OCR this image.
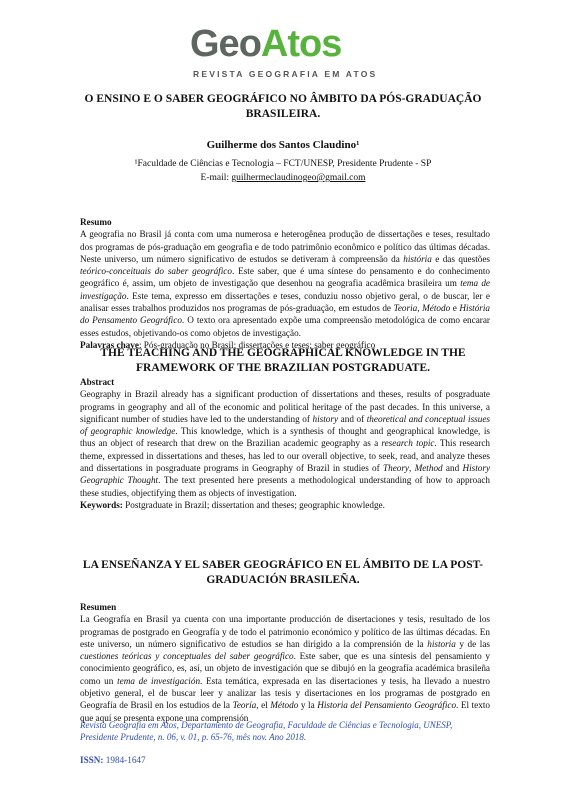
GeoAtos
REVISTA GEOGRAFIA EM ATOS
O ENSINO E O SABER GEOGRÁFICO NO ÂMBITO DA PÓS-GRADUAÇÃO BRASILEIRA.
Guilherme dos Santos Claudino¹
¹Faculdade de Ciências e Tecnologia – FCT/UNESP, Presidente Prudente - SP
E-mail: guilhermeclaudinogeo@gmail.com
Resumo
A geografia no Brasil já conta com uma numerosa e heterogênea produção de dissertações e teses, resultado dos programas de pós-graduação em geografia e de todo patrimônio econômico e político das últimas décadas. Neste universo, um número significativo de estudos se detiveram à compreensão da história e das questões teórico-conceituais do saber geográfico. Este saber, que é uma síntese do pensamento e do conhecimento geográfico é, assim, um objeto de investigação que desenhou na geografia acadêmica brasileira um tema de investigação. Este tema, expresso em dissertações e teses, conduziu nosso objetivo geral, o de buscar, ler e analisar esses trabalhos produzidos nos programas de pós-graduação, em estudos de Teoria, Método e História do Pensamento Geográfico. O texto ora apresentado expõe uma compreensão metodológica de como encarar esses estudos, objetivando-os como objetos de investigação.
Palavras chave: Pós-graduação no Brasil; dissertações e teses; saber geográfico
THE TEACHING AND THE GEOGRAPHICAL KNOWLEDGE IN THE FRAMEWORK OF THE BRAZILIAN POSTGRADUATE.
Abstract
Geography in Brazil already has a significant production of dissertations and theses, results of posgraduate programs in geography and all of the economic and political heritage of the past decades. In this universe, a significant number of studies have led to the understanding of history and of theoretical and conceptual issues of geographic knowledge. This knowledge, which is a synthesis of thought and geographical knowledge, is thus an object of research that drew on the Brazilian academic geography as a research topic. This research theme, expressed in dissertations and theses, has led to our overall objective, to seek, read, and analyze theses and dissertations in posgraduate programs in Geography of Brazil in studies of Theory, Method and History Geographic Thought. The text presented here presents a methodological understanding of how to approach these studies, objectifying them as objects of investigation.
Keywords: Postgraduate in Brazil; dissertation and theses; geographic knowledge.
LA ENSEÑANZA Y EL SABER GEOGRÁFICO EN EL ÁMBITO DE LA POST-GRADUACIÓN BRASILEÑA.
Resumen
La Geografía en Brasil ya cuenta con una importante producción de disertaciones y tesis, resultado de los programas de postgrado en Geografía y de todo el patrimonio económico y político de las últimas décadas. En este universo, un número significativo de estudios se han dirigido a la comprensión de la historia y de las cuestiones teóricas y conceptuales del saber geográfico. Este saber, que es una síntesis del pensamiento y conocimiento geográfico, es, así, un objeto de investigación que se dibujó en la geografía académica brasileña como un tema de investigación. Esta temática, expresada en las disertaciones y tesis, ha llevado a nuestro objetivo general, el de buscar leer y analizar las tesis y disertaciones en los programas de postgrado en Geografía de Brasil en los estudios de la Teoría, el Método y la Historia del Pensamiento Geográfico. El texto que aquí se presenta expone una comprensión
Revista Geografia em Atos, Departamento de Geografia, Faculdade de Ciências e Tecnologia, UNESP, Presidente Prudente, n. 06, v. 01, p. 65-76, mês nov. Ano 2018.
ISSN: 1984-1647
